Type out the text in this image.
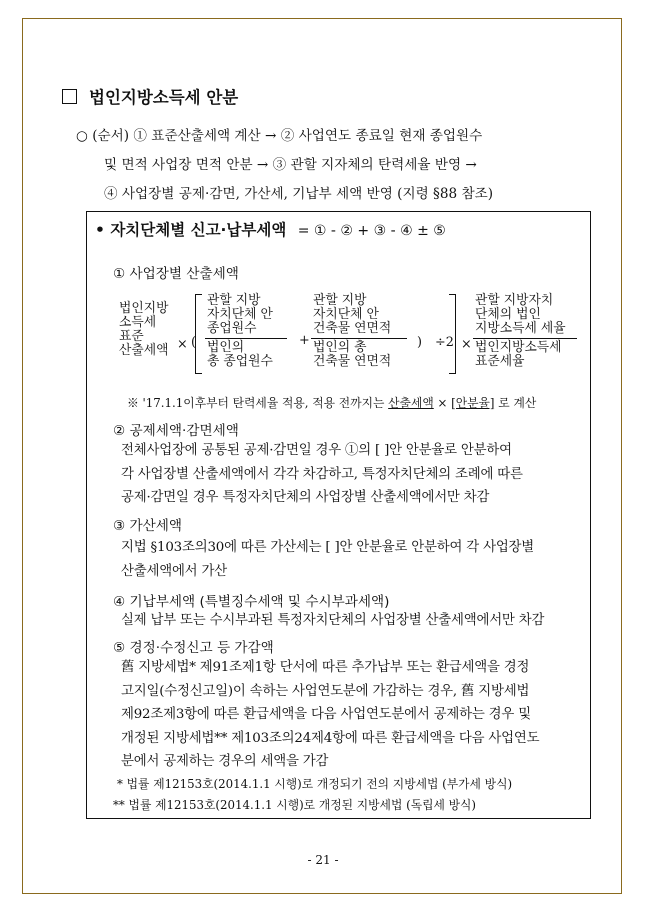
법인지방소득세 안분
○ (순서) ① 표준산출세액 계산 → ② 사업연도 종료일 현재 종업원수
및 면적 사업장 면적 안분 → ③ 관할 지자체의 탄력세율 반영 →
④ 사업장별 공제·감면, 가산세, 기납부 세액 반영 (지령 §88 참조)
• 자치단체별 신고·납부세액 = ① - ② + ③ - ④ ± ⑤
① 사업장별 산출세액
법인지방
소득세
표준
산출세액 × (
관할 지방
자치단체 안
종업원수
법인의
총 종업원수
+
관할 지방
자치단체 안
건축물 연면적
법인의 총
건축물 연면적
) ÷2 ×
관할 지방자치
단체의 법인
지방소득세 세율
법인지방소득세
표준세율
※ '17.1.1이후부터 탄력세율 적용, 적용 전까지는 산출세액 × [안분율] 로 계산
② 공제세액·감면세액
전체사업장에 공통된 공제·감면일 경우 ①의 [ ]안 안분율로 안분하여
각 사업장별 산출세액에서 각각 차감하고, 특정자치단체의 조례에 따른
공제·감면일 경우 특정자치단체의 사업장별 산출세액에서만 차감
③ 가산세액
지법 §103조의30에 따른 가산세는 [ ]안 안분율로 안분하여 각 사업장별
산출세액에서 가산
④ 기납부세액 (특별징수세액 및 수시부과세액)
실제 납부 또는 수시부과된 특정자치단체의 사업장별 산출세액에서만 차감
⑤ 경정·수정신고 등 가감액
舊 지방세법* 제91조제1항 단서에 따른 추가납부 또는 환급세액을 경정
고지일(수정신고일)이 속하는 사업연도분에 가감하는 경우, 舊 지방세법
제92조제3항에 따른 환급세액을 다음 사업연도분에서 공제하는 경우 및
개정된 지방세법** 제103조의24제4항에 따른 환급세액을 다음 사업연도
분에서 공제하는 경우의 세액을 가감
* 법률 제12153호(2014.1.1 시행)로 개정되기 전의 지방세법 (부가세 방식)
** 법률 제12153호(2014.1.1 시행)로 개정된 지방세법 (독립세 방식)
- 21 -
